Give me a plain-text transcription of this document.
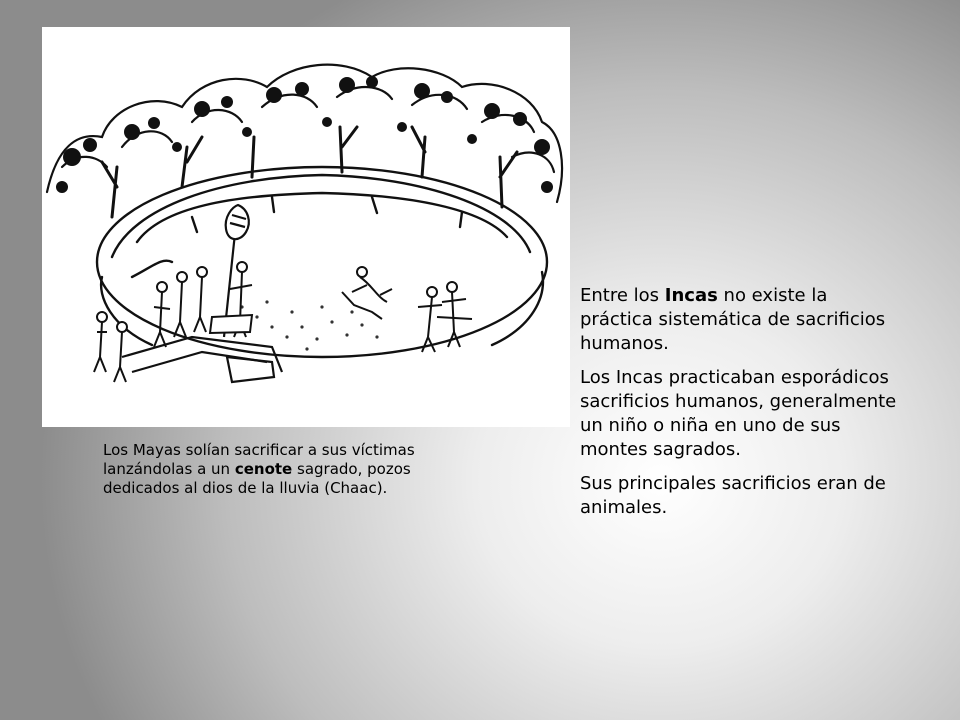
Los Mayas solían sacrificar a sus víctimas lanzándolas a un cenote sagrado, pozos dedicados al dios de la lluvia (Chaac).

Entre los Incas no existe la práctica sistemática de sacrificios humanos.

Los Incas practicaban esporádicos sacrificios humanos, generalmente un niño o niña en uno de sus montes sagrados.

Sus principales sacrificios eran de animales.
